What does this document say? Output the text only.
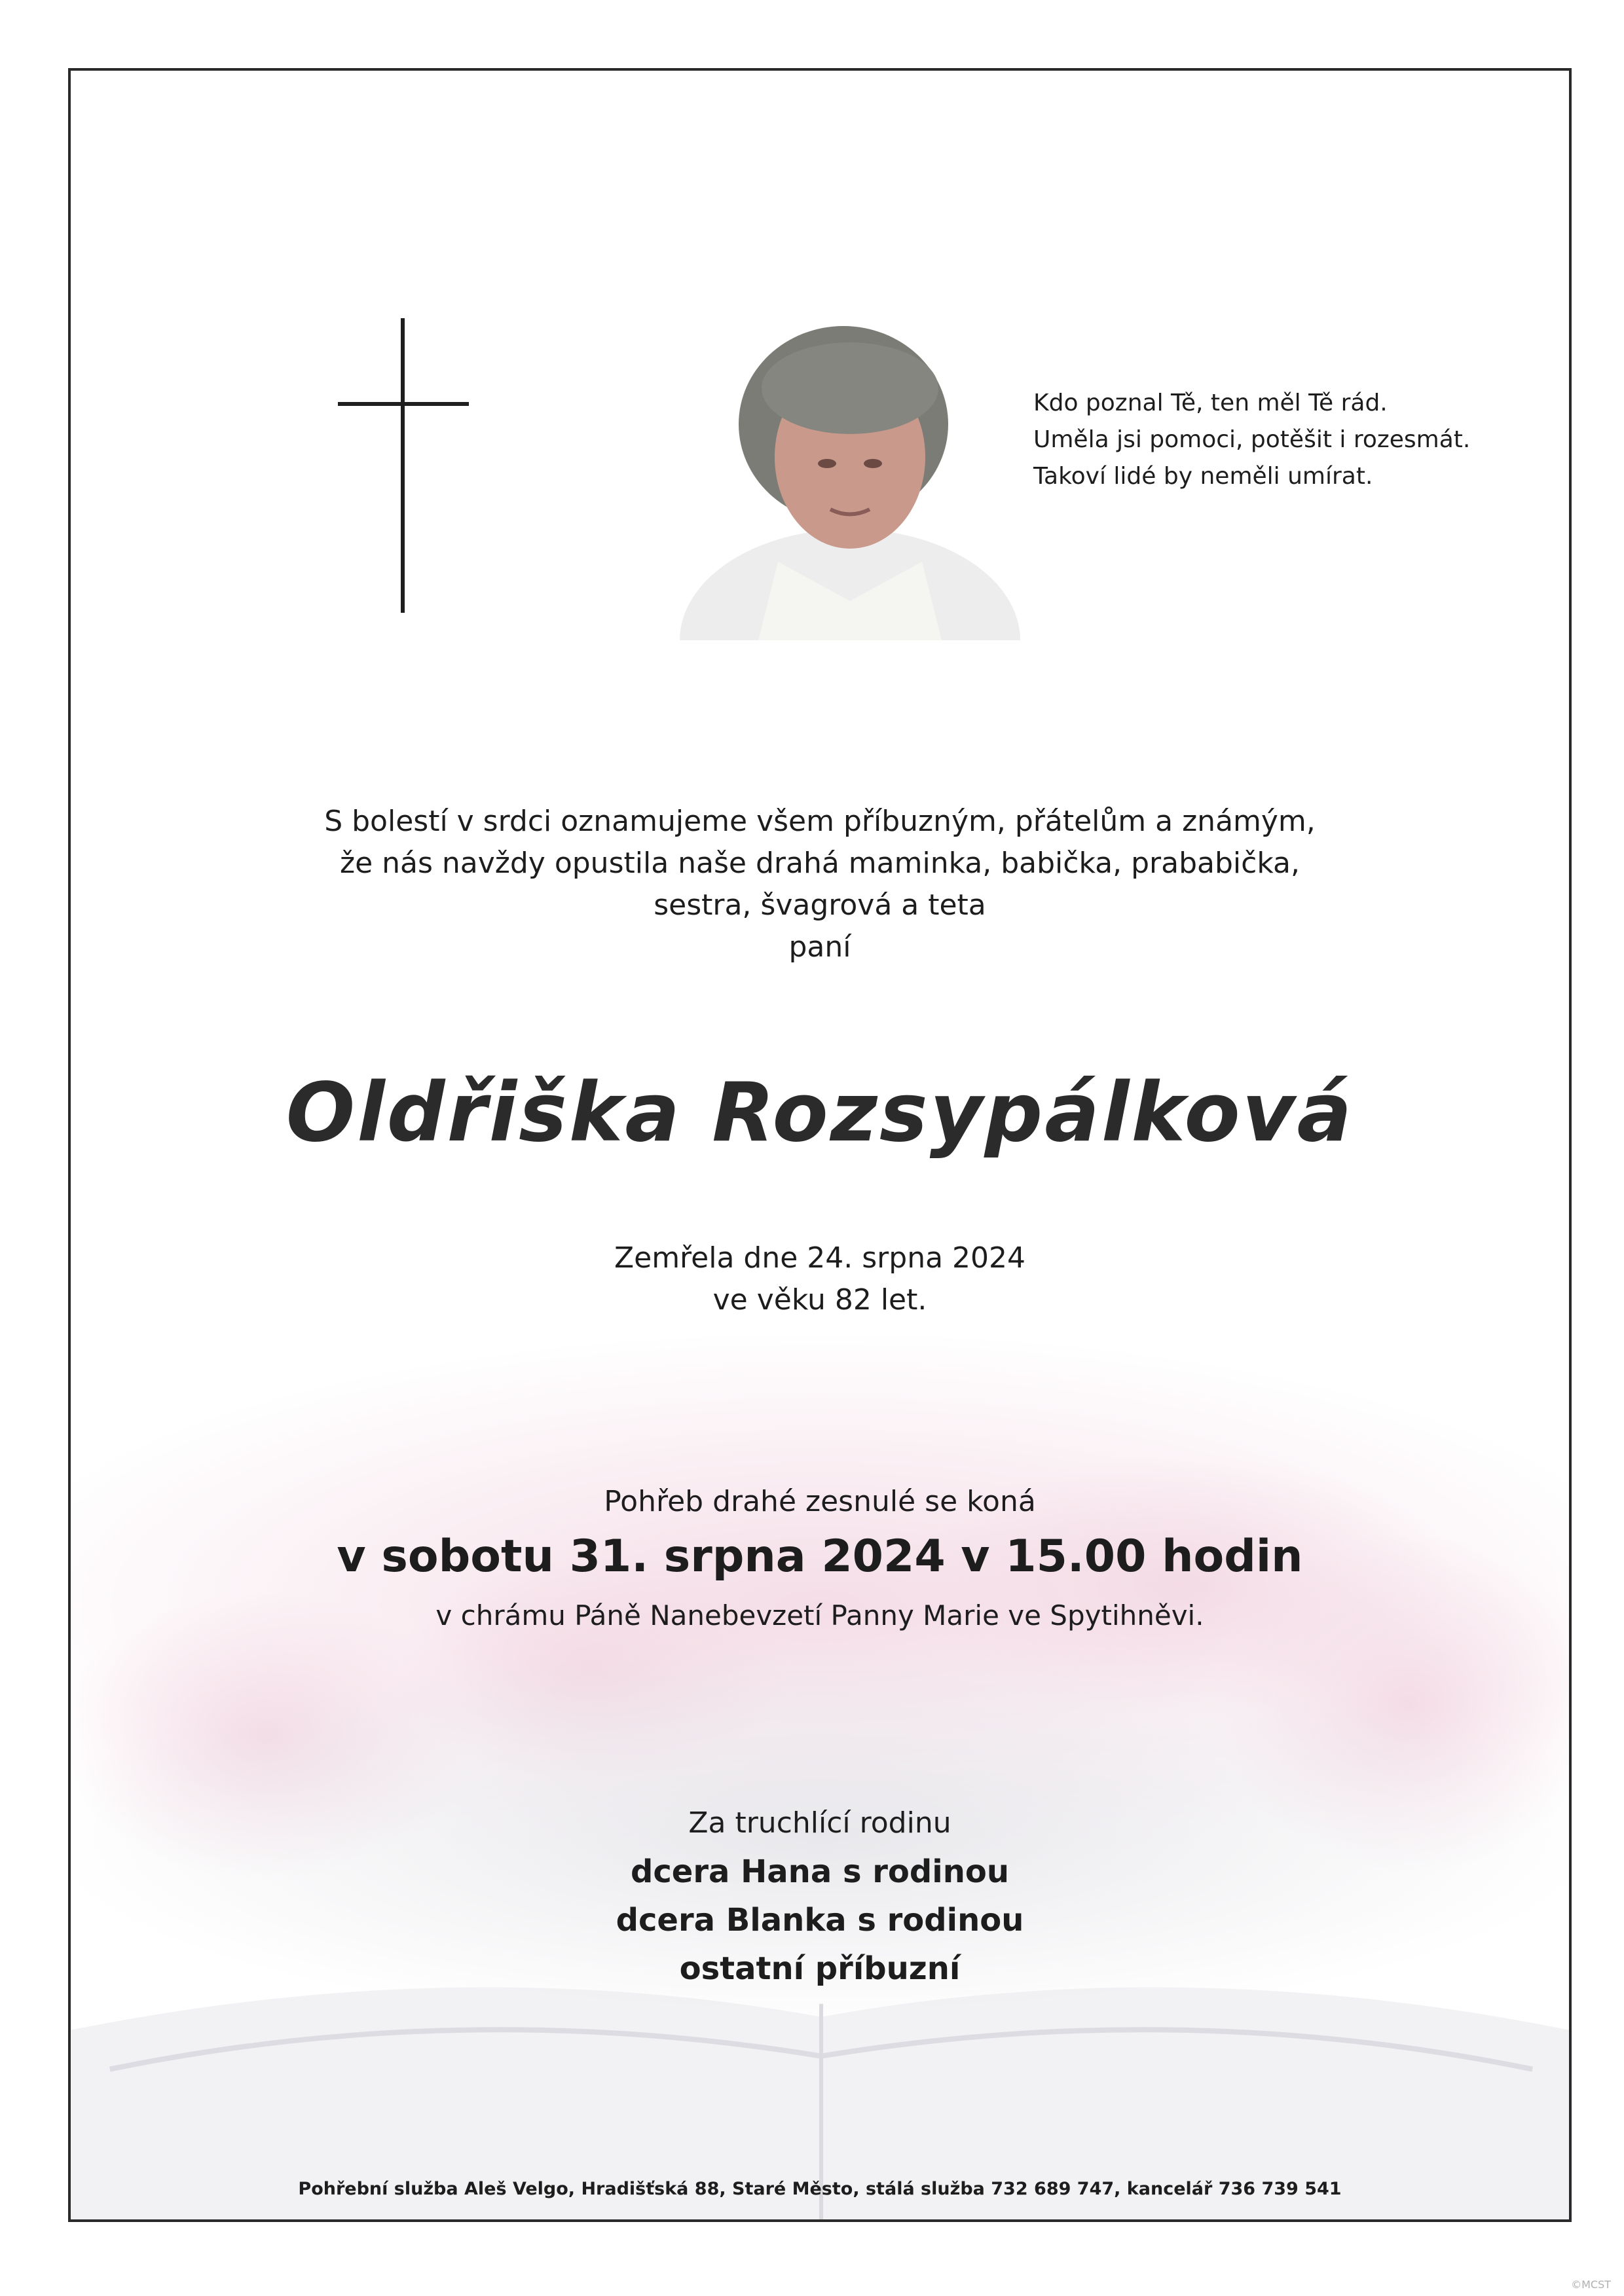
Kdo poznal Tě, ten měl Tě rád.
Uměla jsi pomoci, potěšit i rozesmát.
Takoví lidé by neměli umírat.
S bolestí v srdci oznamujeme všem příbuzným, přátelům a známým,
že nás navždy opustila naše drahá maminka, babička, prababička,
sestra, švagrová a teta
paní
Oldřiška Rozsypálková
Zemřela dne 24. srpna 2024
ve věku 82 let.
Pohřeb drahé zesnulé se koná
v sobotu 31. srpna 2024 v 15.00 hodin
v chrámu Páně Nanebevzetí Panny Marie ve Spytihněvi.
Za truchlící rodinu
dcera Hana s rodinou
dcera Blanka s rodinou
ostatní příbuzní
Pohřební služba Aleš Velgo, Hradišťská 88, Staré Město, stálá služba 732 689 747, kancelář 736 739 541
©MCST
